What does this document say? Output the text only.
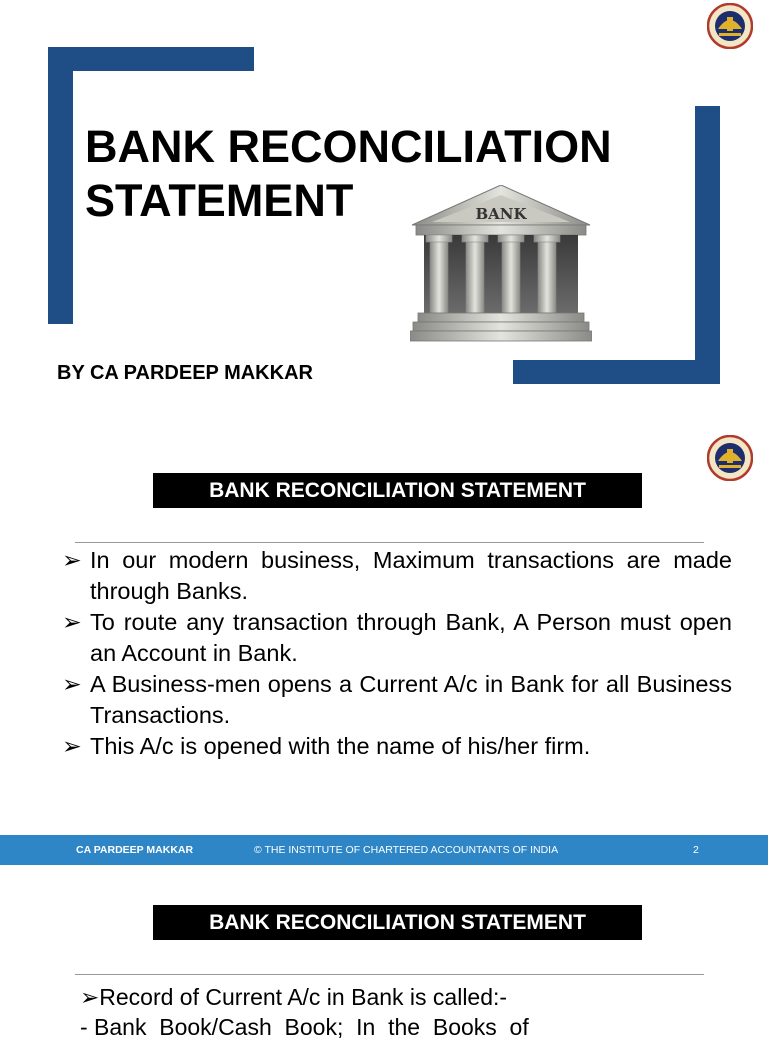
BANK RECONCILIATION
STATEMENT	BANK
BY CA PARDEEP MAKKAR
BANK RECONCILIATION STATEMENT
➢ In our modern business, Maximum transactions are made through Banks.
➢ To route any transaction through Bank, A Person must open an Account in Bank.
➢ A Business-men opens a Current A/c in Bank for all Business Transactions.
➢ This A/c is opened with the name of his/her firm.
CA PARDEEP MAKKAR	© THE INSTITUTE OF CHARTERED ACCOUNTANTS OF INDIA	2
BANK RECONCILIATION STATEMENT
➢Record of Current A/c in Bank is called:-
- Bank  Book/Cash  Book;  In  the  Books  of
